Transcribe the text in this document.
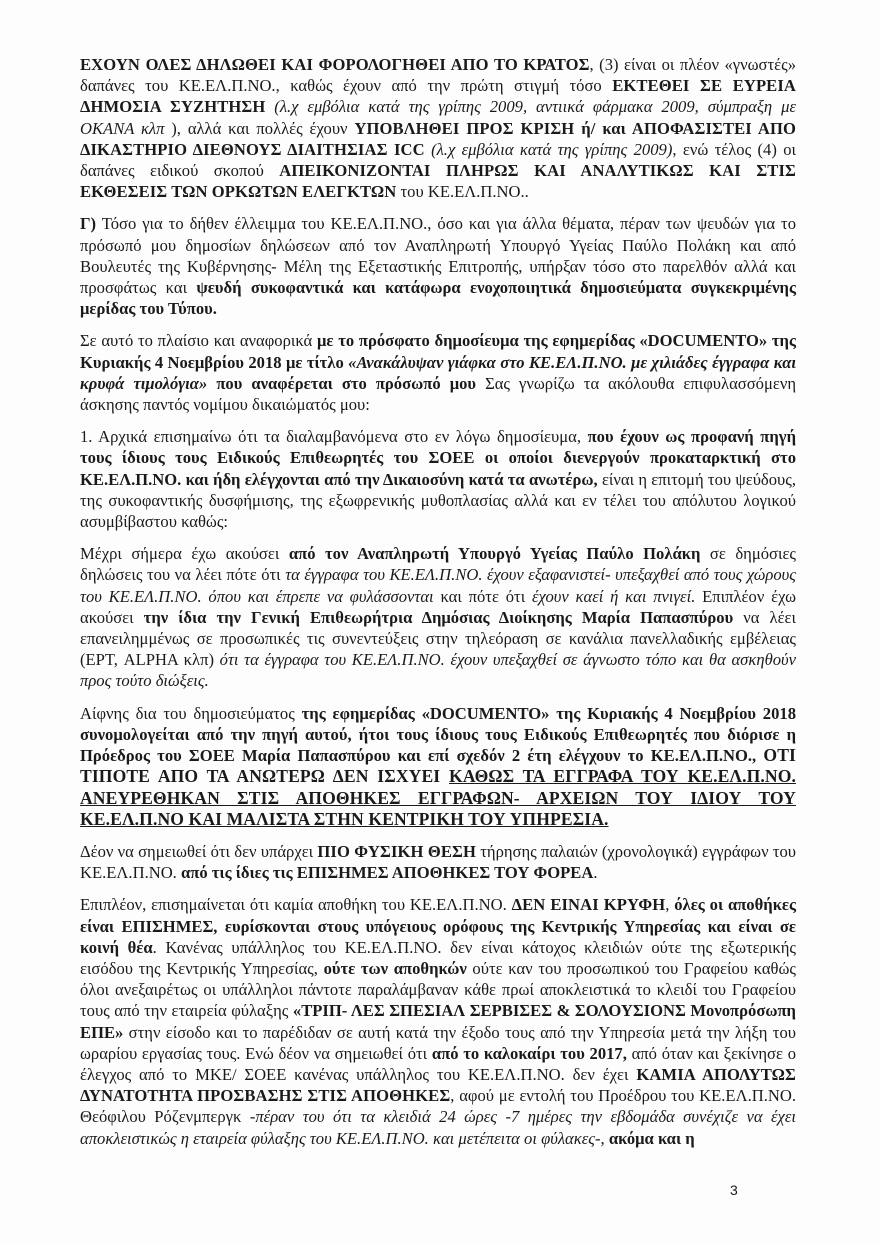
ΕΧΟΥΝ ΟΛΕΣ ΔΗΛΩΘΕΙ ΚΑΙ ΦΟΡΟΛΟΓΗΘΕΙ ΑΠΟ ΤΟ ΚΡΑΤΟΣ, (3) είναι οι πλέον «γνωστές» δαπάνες του ΚΕ.ΕΛ.Π.ΝΟ., καθώς έχουν από την πρώτη στιγμή τόσο ΕΚΤΕΘΕΙ ΣΕ ΕΥΡΕΙΑ ΔΗΜΟΣΙΑ ΣΥΖΗΤΗΣΗ (λ.χ εμβόλια κατά της γρίπης 2009, αντιικά φάρμακα 2009, σύμπραξη με ΟΚΑΝΑ κλπ ), αλλά και πολλές έχουν ΥΠΟΒΛΗΘΕΙ ΠΡΟΣ ΚΡΙΣΗ ή/ και ΑΠΟΦΑΣΙΣΤΕΙ ΑΠΟ ΔΙΚΑΣΤΗΡΙΟ ΔΙΕΘΝΟΥΣ ΔΙΑΙΤΗΣΙΑΣ ICC (λ.χ εμβόλια κατά της γρίπης 2009), ενώ τέλος (4) οι δαπάνες ειδικού σκοπού ΑΠΕΙΚΟΝΙΖΟΝΤΑΙ ΠΛΗΡΩΣ ΚΑΙ ΑΝΑΛΥΤΙΚΩΣ ΚΑΙ ΣΤΙΣ ΕΚΘΕΣΕΙΣ ΤΩΝ ΟΡΚΩΤΩΝ ΕΛΕΓΚΤΩΝ του ΚΕ.ΕΛ.Π.ΝΟ..

Γ) Τόσο για το δήθεν έλλειμμα του ΚΕ.ΕΛ.Π.ΝΟ., όσο και για άλλα θέματα, πέραν των ψευδών για το πρόσωπό μου δημοσίων δηλώσεων από τον Αναπληρωτή Υπουργό Υγείας Παύλο Πολάκη και από Βουλευτές της Κυβέρνησης- Μέλη της Εξεταστικής Επιτροπής, υπήρξαν τόσο στο παρελθόν αλλά και προσφάτως και ψευδή συκοφαντικά και κατάφωρα ενοχοποιητικά δημοσιεύματα συγκεκριμένης μερίδας του Τύπου.

Σε αυτό το πλαίσιο και αναφορικά με το πρόσφατο δημοσίευμα της εφημερίδας «DOCUMENTO» της Κυριακής 4 Νοεμβρίου 2018 με τίτλο «Ανακάλυψαν γιάφκα στο ΚΕ.ΕΛ.Π.ΝΟ. με χιλιάδες έγγραφα και κρυφά τιμολόγια» που αναφέρεται στο πρόσωπό μου Σας γνωρίζω τα ακόλουθα επιφυλασσόμενη άσκησης παντός νομίμου δικαιώματός μου:

1. Αρχικά επισημαίνω ότι τα διαλαμβανόμενα στο εν λόγω δημοσίευμα, που έχουν ως προφανή πηγή τους ίδιους τους Ειδικούς Επιθεωρητές του ΣΟΕΕ οι οποίοι διενεργούν προκαταρκτική στο ΚΕ.ΕΛ.Π.ΝΟ. και ήδη ελέγχονται από την Δικαιοσύνη κατά τα ανωτέρω, είναι η επιτομή του ψεύδους, της συκοφαντικής δυσφήμισης, της εξωφρενικής μυθοπλασίας αλλά και εν τέλει του απόλυτου λογικού ασυμβίβαστου καθώς:

Μέχρι σήμερα έχω ακούσει από τον Αναπληρωτή Υπουργό Υγείας Παύλο Πολάκη σε δημόσιες δηλώσεις του να λέει πότε ότι τα έγγραφα του ΚΕ.ΕΛ.Π.ΝΟ. έχουν εξαφανιστεί- υπεξαχθεί από τους χώρους του ΚΕ.ΕΛ.Π.ΝΟ. όπου και έπρεπε να φυλάσσονται και πότε ότι έχουν καεί ή και πνιγεί. Επιπλέον έχω ακούσει την ίδια την Γενική Επιθεωρήτρια Δημόσιας Διοίκησης Μαρία Παπασπύρου να λέει επανειλημμένως σε προσωπικές τις συνεντεύξεις στην τηλεόραση σε κανάλια πανελλαδικής εμβέλειας (ΕΡΤ, ALPHA κλπ) ότι τα έγγραφα του ΚΕ.ΕΛ.Π.ΝΟ. έχουν υπεξαχθεί σε άγνωστο τόπο και θα ασκηθούν προς τούτο διώξεις.

Αίφνης δια του δημοσιεύματος της εφημερίδας «DOCUMENTO» της Κυριακής 4 Νοεμβρίου 2018 συνομολογείται από την πηγή αυτού, ήτοι τους ίδιους τους Ειδικούς Επιθεωρητές που διόρισε η Πρόεδρος του ΣΟΕΕ Μαρία Παπασπύρου και επί σχεδόν 2 έτη ελέγχουν το ΚΕ.ΕΛ.Π.ΝΟ., ΟΤΙ ΤΙΠΟΤΕ ΑΠΟ ΤΑ ΑΝΩΤΕΡΩ ΔΕΝ ΙΣΧΥΕΙ ΚΑΘΩΣ ΤΑ ΕΓΓΡΑΦΑ ΤΟΥ ΚΕ.ΕΛ.Π.ΝΟ. ΑΝΕΥΡΕΘΗΚΑΝ ΣΤΙΣ ΑΠΟΘΗΚΕΣ ΕΓΓΡΑΦΩΝ- ΑΡΧΕΙΩΝ ΤΟΥ ΙΔΙΟΥ ΤΟΥ ΚΕ.ΕΛ.Π.ΝΟ ΚΑΙ ΜΑΛΙΣΤΑ ΣΤΗΝ ΚΕΝΤΡΙΚΗ ΤΟΥ ΥΠΗΡΕΣΙΑ.

Δέον να σημειωθεί ότι δεν υπάρχει ΠΙΟ ΦΥΣΙΚΗ ΘΕΣΗ τήρησης παλαιών (χρονολογικά) εγγράφων του ΚΕ.ΕΛ.Π.ΝΟ. από τις ίδιες τις ΕΠΙΣΗΜΕΣ ΑΠΟΘΗΚΕΣ ΤΟΥ ΦΟΡΕΑ.

Επιπλέον, επισημαίνεται ότι καμία αποθήκη του ΚΕ.ΕΛ.Π.ΝΟ. ΔΕΝ ΕΙΝΑΙ ΚΡΥΦΗ, όλες οι αποθήκες είναι ΕΠΙΣΗΜΕΣ, ευρίσκονται στους υπόγειους ορόφους της Κεντρικής Υπηρεσίας και είναι σε κοινή θέα. Κανένας υπάλληλος του ΚΕ.ΕΛ.Π.ΝΟ. δεν είναι κάτοχος κλειδιών ούτε της εξωτερικής εισόδου της Κεντρικής Υπηρεσίας, ούτε των αποθηκών ούτε καν του προσωπικού του Γραφείου καθώς όλοι ανεξαιρέτως οι υπάλληλοι πάντοτε παραλάμβαναν κάθε πρωί αποκλειστικά το κλειδί του Γραφείου τους από την εταιρεία φύλαξης «ΤΡΙΠ- ΛΕΣ ΣΠΕΣΙΑΛ ΣΕΡΒΙΣΕΣ & ΣΟΛΟΥΣΙΟΝΣ Μονοπρόσωπη ΕΠΕ» στην είσοδο και το παρέδιδαν σε αυτή κατά την έξοδο τους από την Υπηρεσία μετά την λήξη του ωραρίου εργασίας τους. Ενώ δέον να σημειωθεί ότι από το καλοκαίρι του 2017, από όταν και ξεκίνησε ο έλεγχος από το ΜΚΕ/ ΣΟΕΕ κανένας υπάλληλος του ΚΕ.ΕΛ.Π.ΝΟ. δεν έχει ΚΑΜΙΑ ΑΠΟΛΥΤΩΣ ΔΥΝΑΤΟΤΗΤΑ ΠΡΟΣΒΑΣΗΣ ΣΤΙΣ ΑΠΟΘΗΚΕΣ, αφού με εντολή του Προέδρου του ΚΕ.ΕΛ.Π.ΝΟ. Θεόφιλου Ρόζενμπεργκ -πέραν του ότι τα κλειδιά 24 ώρες -7 ημέρες την εβδομάδα συνέχιζε να έχει αποκλειστικώς η εταιρεία φύλαξης του ΚΕ.ΕΛ.Π.ΝΟ. και μετέπειτα οι φύλακες-, ακόμα και η

3
